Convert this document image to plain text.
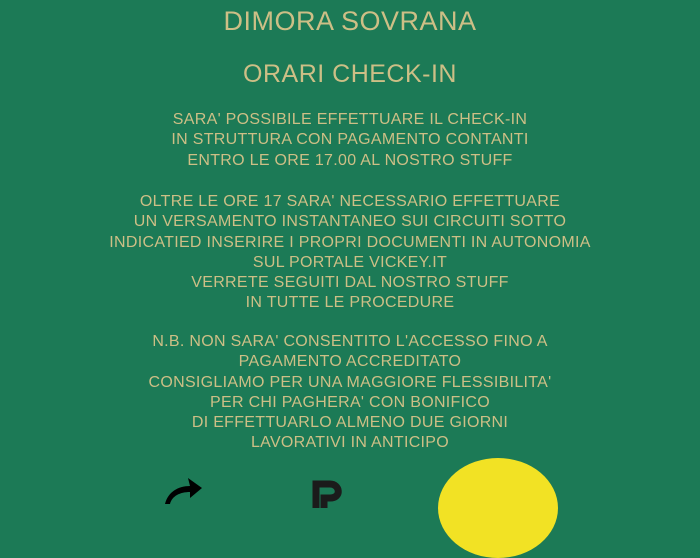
DIMORA SOVRANA
ORARI CHECK-IN
SARA' POSSIBILE EFFETTUARE IL CHECK-IN
IN STRUTTURA CON PAGAMENTO CONTANTI
ENTRO LE ORE 17.00 AL NOSTRO STUFF
OLTRE LE ORE 17 SARA' NECESSARIO EFFETTUARE
UN VERSAMENTO INSTANTANEO SUI CIRCUITI SOTTO
INDICATIED INSERIRE I PROPRI DOCUMENTI IN AUTONOMIA
SUL PORTALE VICKEY.IT
VERRETE SEGUITI DAL NOSTRO STUFF
IN TUTTE LE PROCEDURE
N.B. NON SARA' CONSENTITO L'ACCESSO FINO A
PAGAMENTO ACCREDITATO
CONSIGLIAMO PER UNA MAGGIORE FLESSIBILITA'
PER CHI PAGHERA' CON BONIFICO
DI EFFETTUARLO ALMENO DUE GIORNI
LAVORATIVI IN ANTICIPO
